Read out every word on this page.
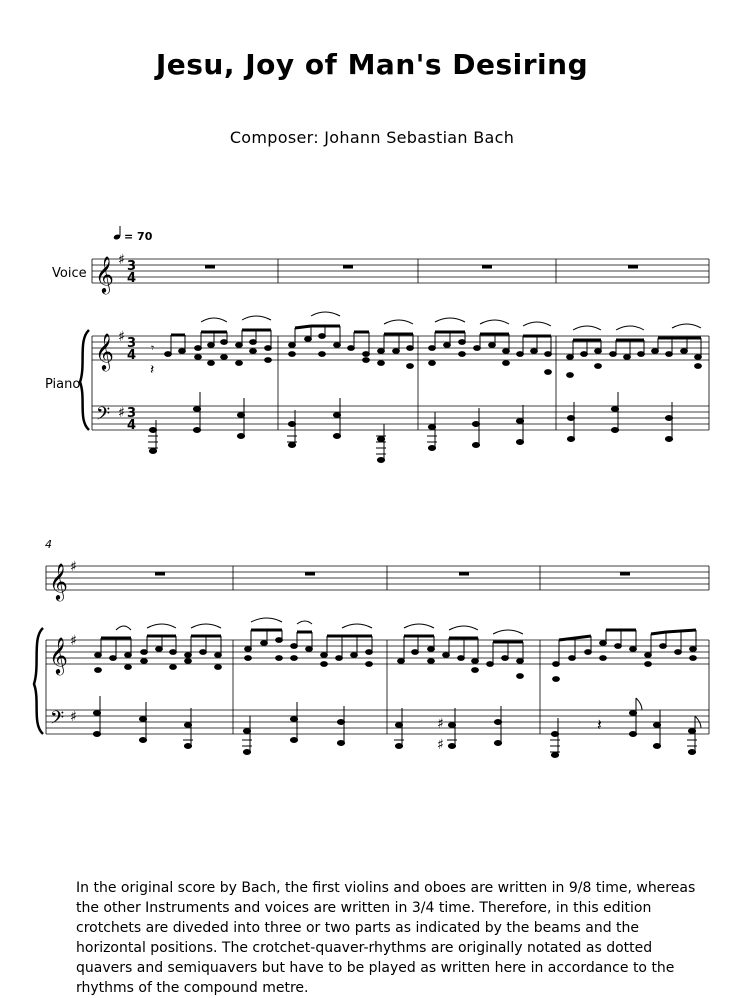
Jesu, Joy of Man's Desiring
Composer: Johann Sebastian Bach
= 70
Voice
Piano
𝄞 ♯ 3
4
𝄞 ♯ 3
4 𝄾
𝄽
𝄢 ♯ 3
4
4
𝄞 ♯
𝄞 ♯
𝄢 ♯	𝄽
♯
♯

In the original score by Bach, the first violins and oboes are written in 9/8 time, whereas the other Instruments and voices are written in 3/4 time. Therefore, in this edition crotchets are diveded into three or two parts as indicated by the beams and the horizontal positions. The crotchet-quaver-rhythms are originally notated as dotted quavers and semiquavers but have to be played as written here in accordance to the rhythms of the compound metre.
